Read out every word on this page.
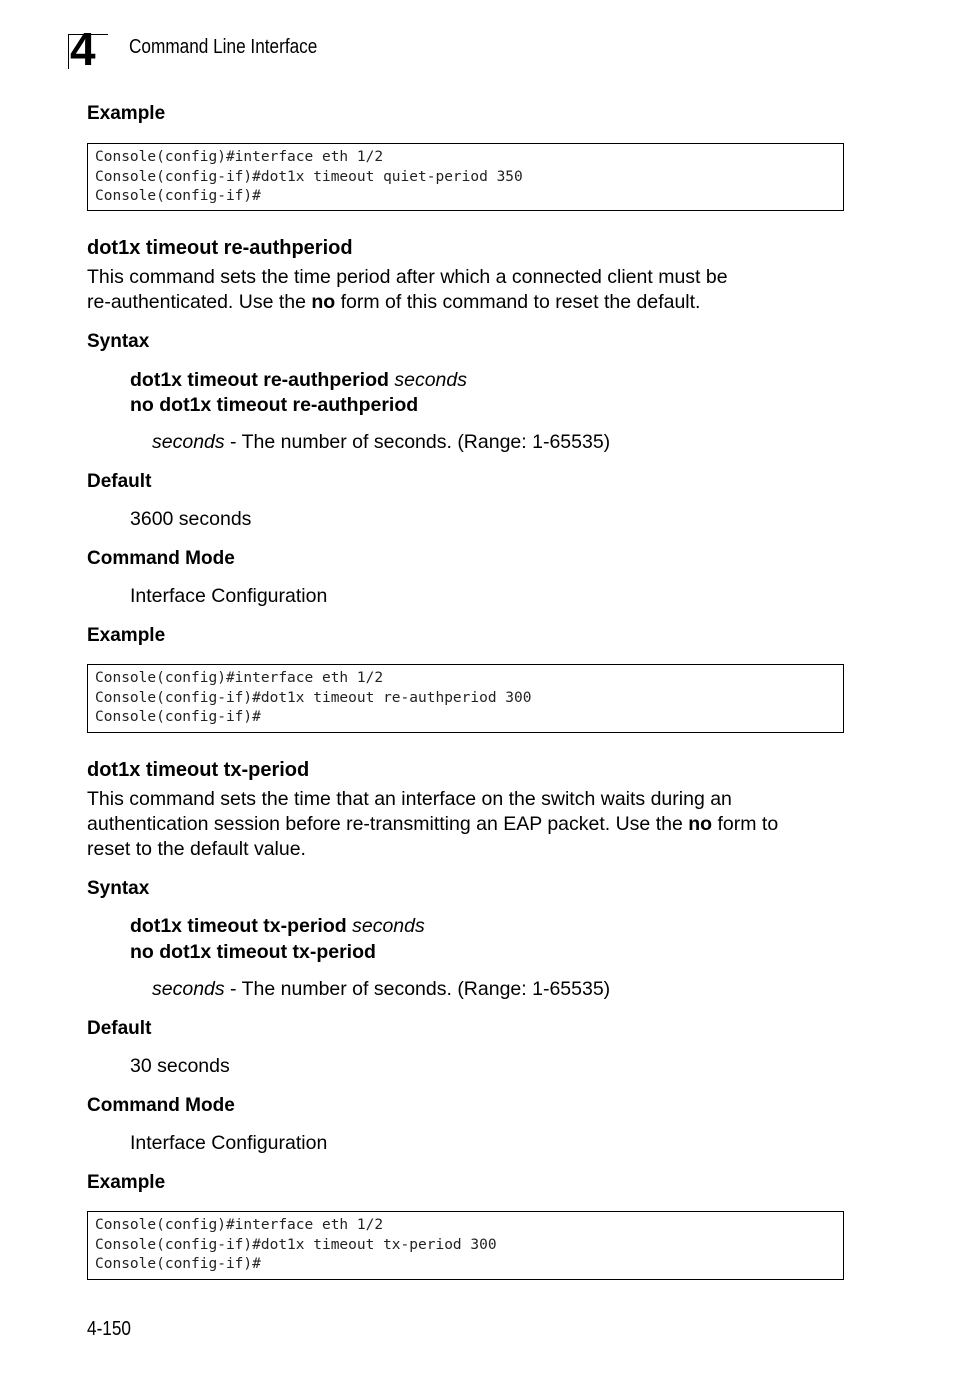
4 Command Line Interface
Example
Console(config)#interface eth 1/2
Console(config-if)#dot1x timeout quiet-period 350
Console(config-if)#
dot1x timeout re-authperiod
This command sets the time period after which a connected client must be
re-authenticated. Use the no form of this command to reset the default.
Syntax
dot1x timeout re-authperiod seconds
no dot1x timeout re-authperiod
seconds - The number of seconds. (Range: 1-65535)
Default
3600 seconds
Command Mode
Interface Configuration
Example
Console(config)#interface eth 1/2
Console(config-if)#dot1x timeout re-authperiod 300
Console(config-if)#
dot1x timeout tx-period
This command sets the time that an interface on the switch waits during an
authentication session before re-transmitting an EAP packet. Use the no form to
reset to the default value.
Syntax
dot1x timeout tx-period seconds
no dot1x timeout tx-period
seconds - The number of seconds. (Range: 1-65535)
Default
30 seconds
Command Mode
Interface Configuration
Example
Console(config)#interface eth 1/2
Console(config-if)#dot1x timeout tx-period 300
Console(config-if)#
4-150
